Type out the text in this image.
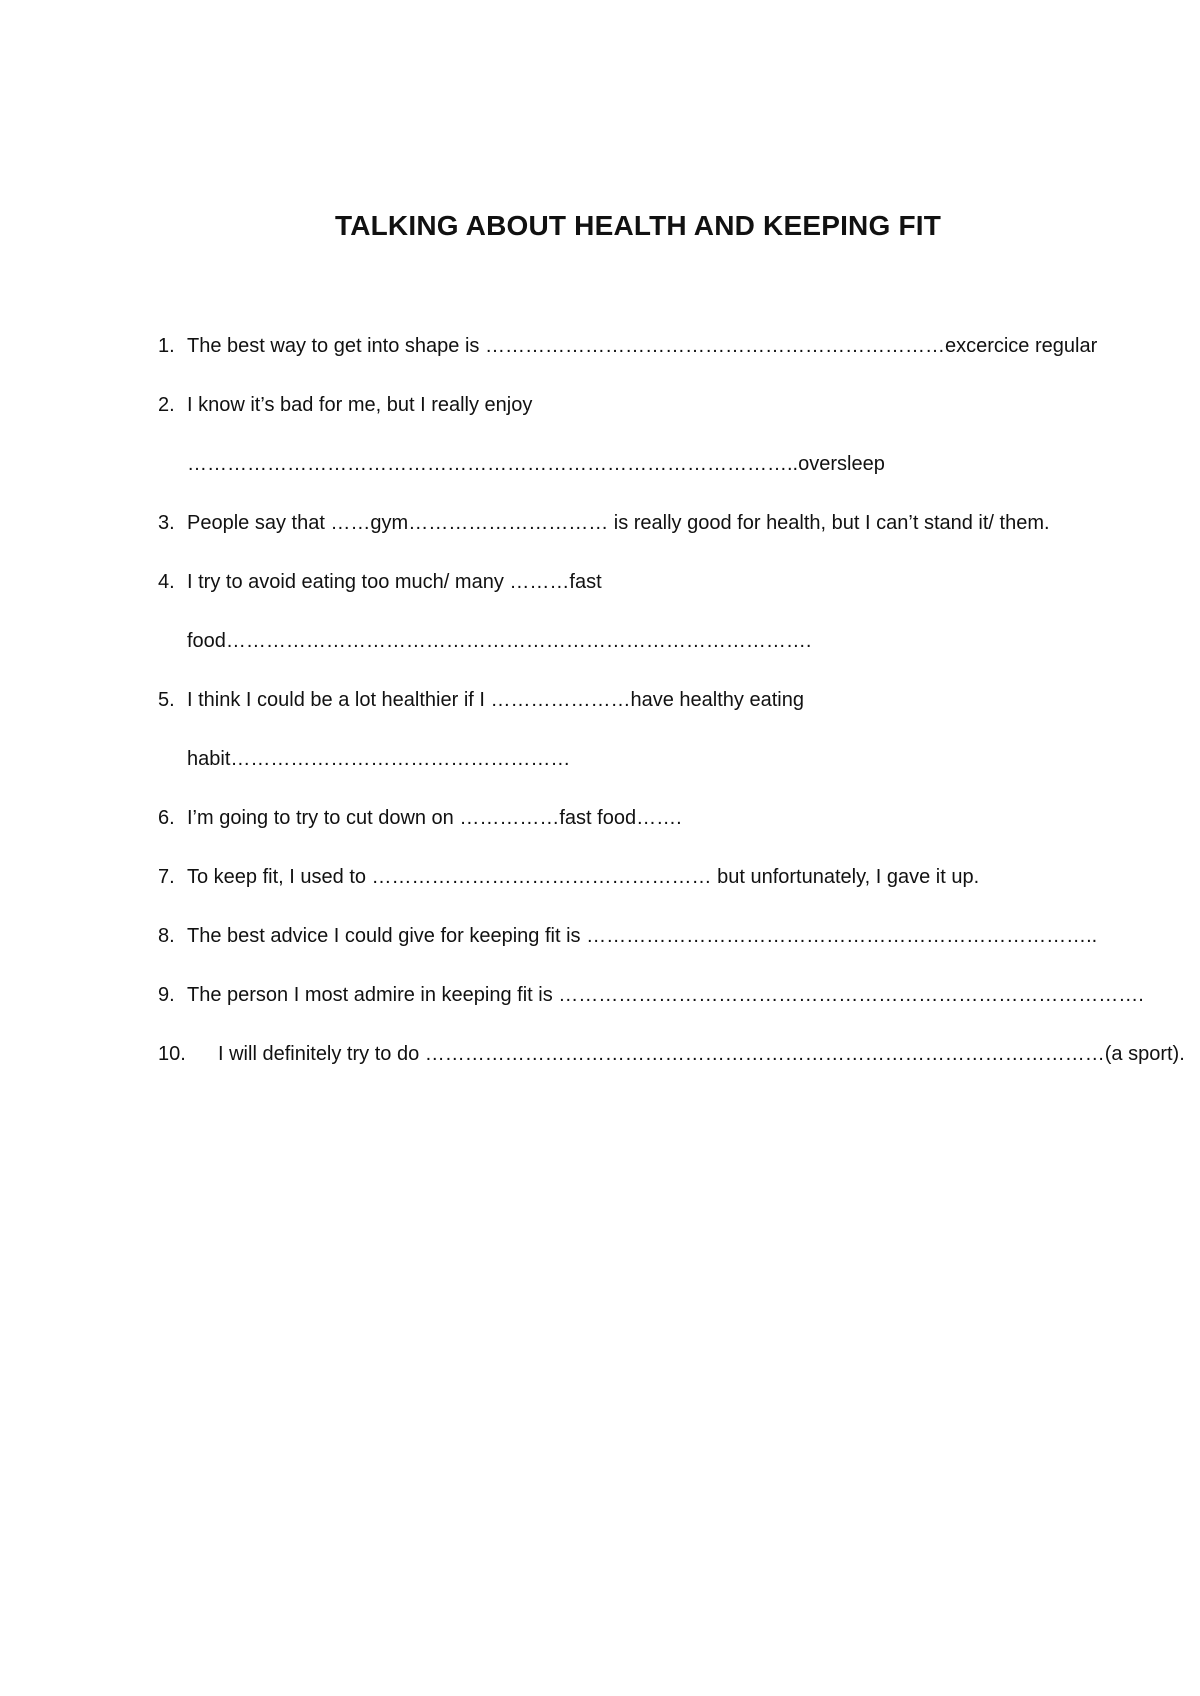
TALKING ABOUT HEALTH AND KEEPING FIT
1. The best way to get into shape is ……………………………………………………………excercice regular
2. I know it’s bad for me, but I really enjoy
………………………………………………………………………………..oversleep
3. People say that ……gym………………………… is really good for health, but I can’t stand it/ them.
4. I try to avoid eating too much/ many ………fast
food…………………………………………………………………………….
5. I think I could be a lot healthier if I …………………have healthy eating
habit……………………………………………
6. I’m going to try to cut down on ……………fast food…….
7. To keep fit, I used to …………………………………………… but unfortunately, I gave it up.
8. The best advice I could give for keeping fit is …………………………………………………………………..
9. The person I most admire in keeping fit is …………………………………………………………………………….
10. I will definitely try to do …………………………………………………………………………………………(a sport).
